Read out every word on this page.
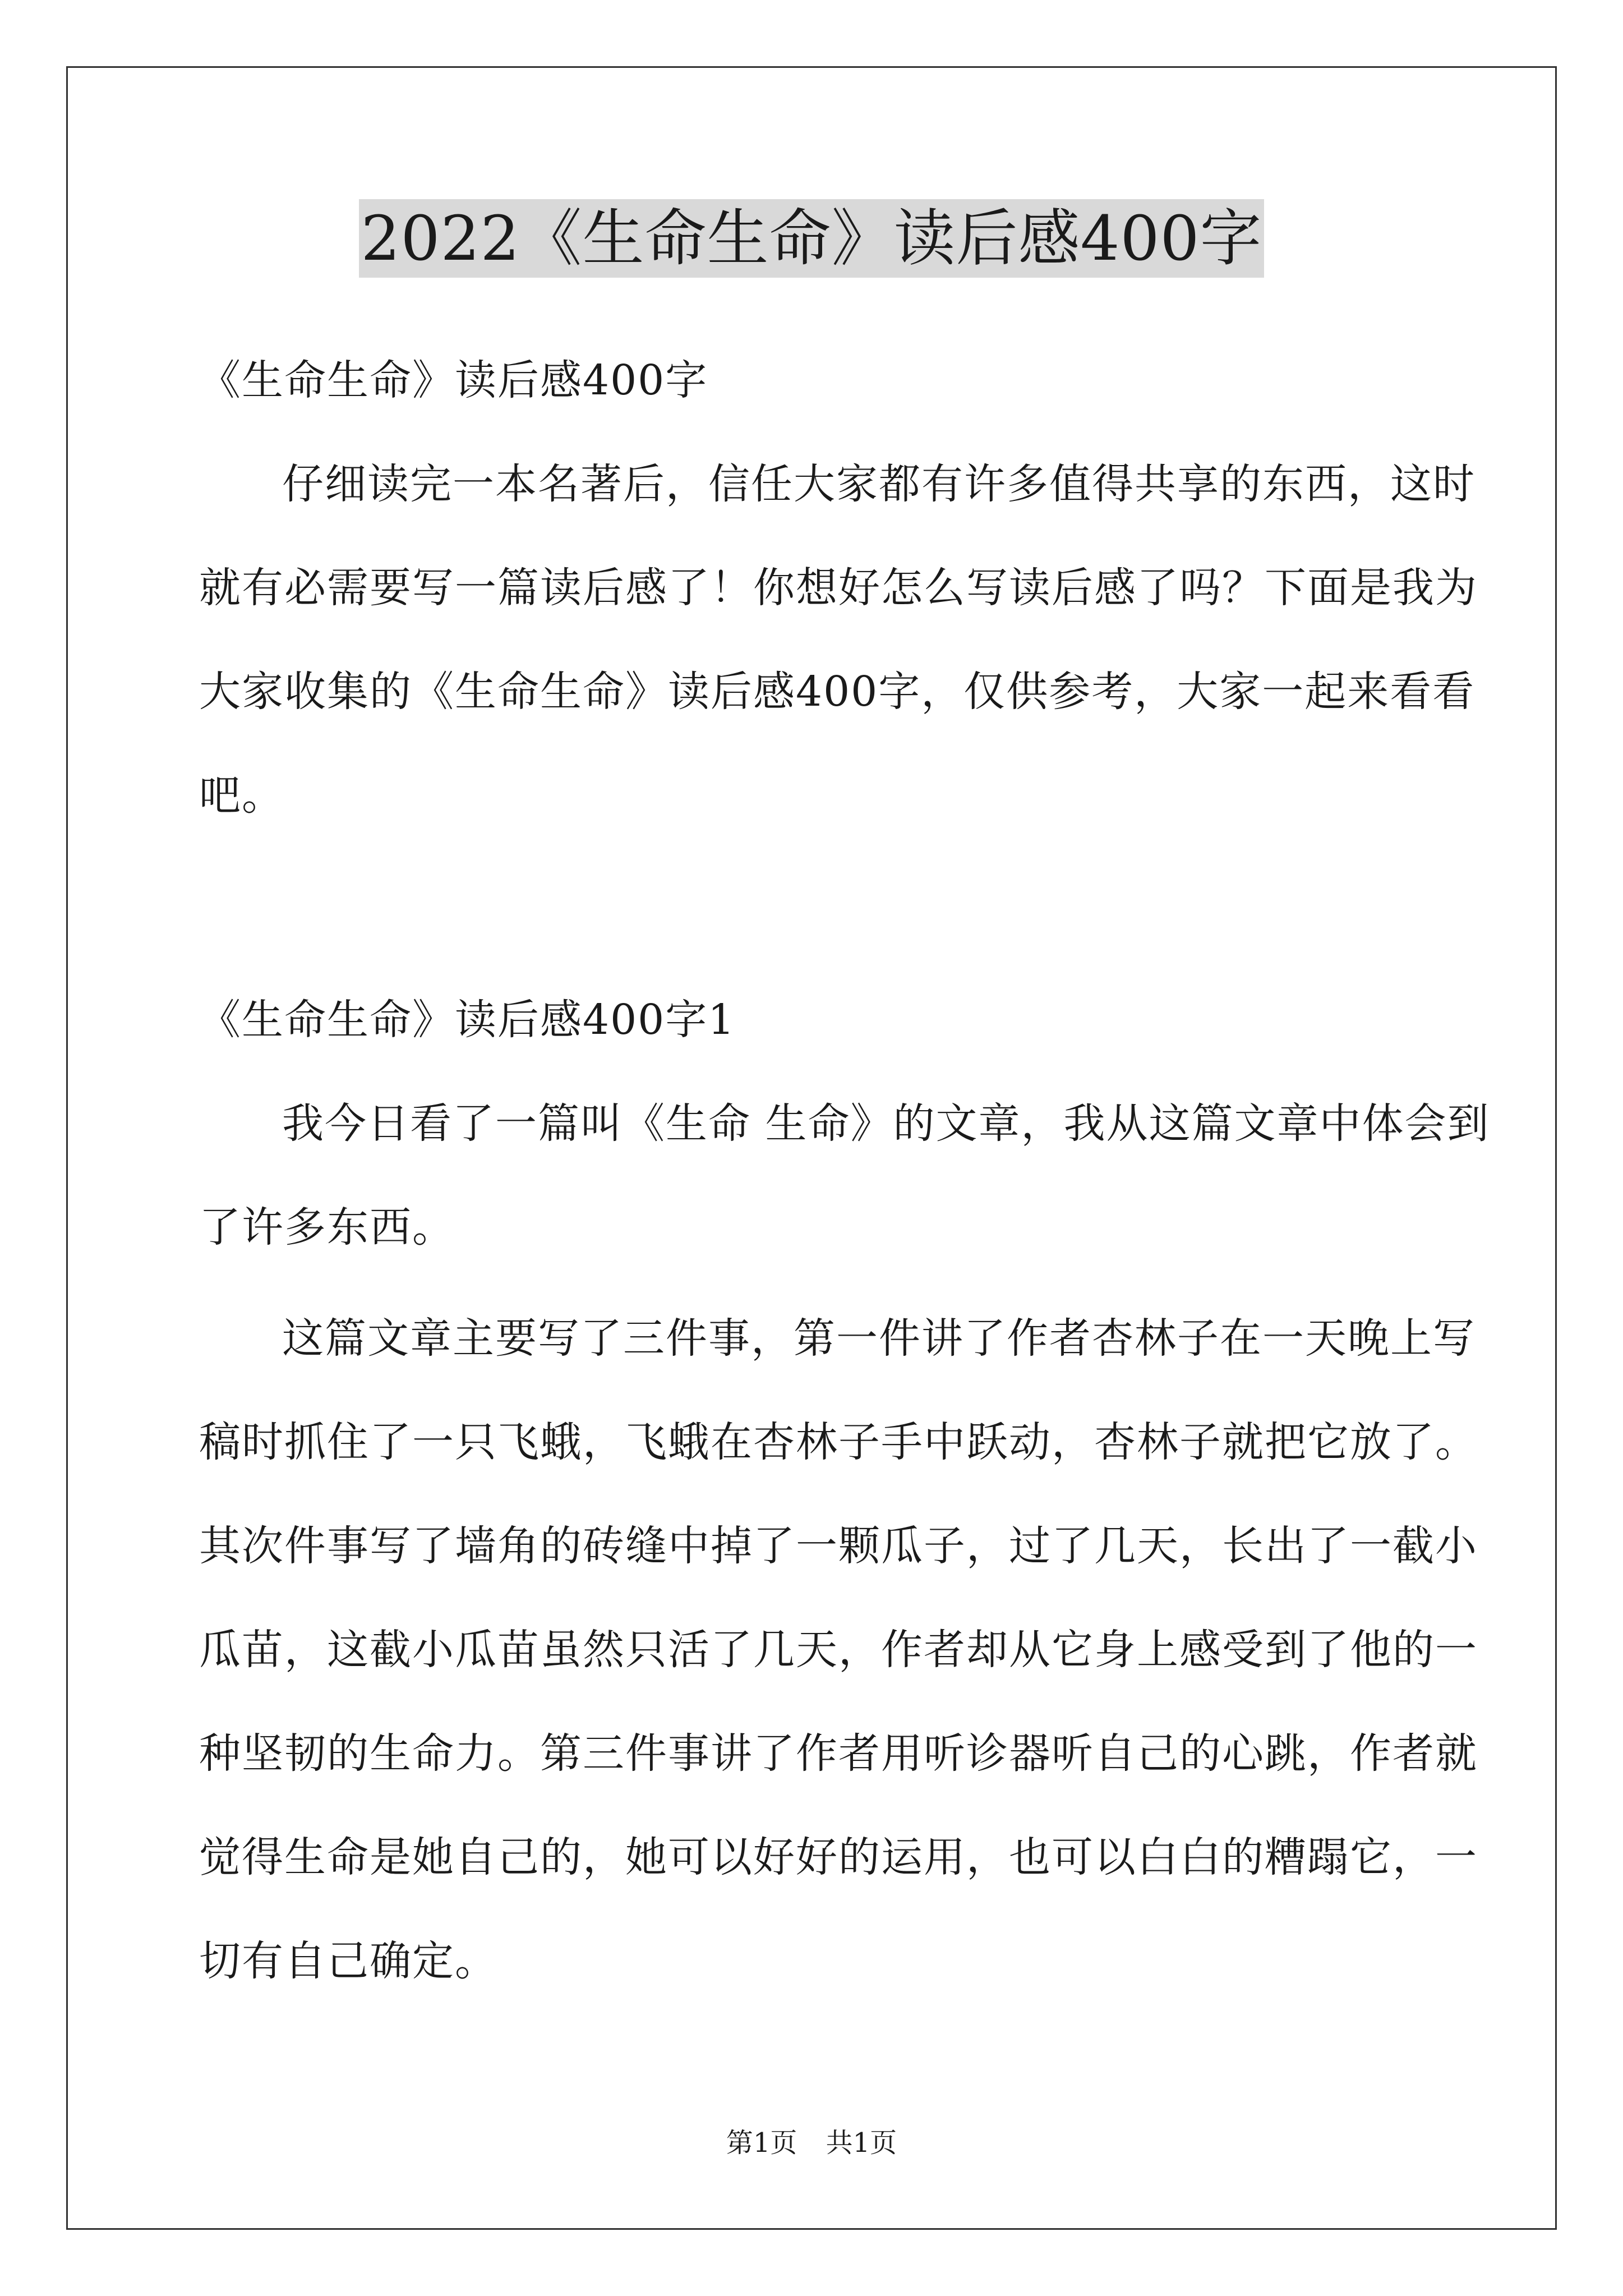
2022《生命生命》读后感400字
《生命生命》读后感400字
仔细读完一本名著后，信任大家都有许多值得共享的东西，这时
就有必需要写一篇读后感了！你想好怎么写读后感了吗？下面是我为
大家收集的《生命生命》读后感400字，仅供参考，大家一起来看看
吧。
《生命生命》读后感400字1
我今日看了一篇叫《生命 生命》的文章，我从这篇文章中体会到
了许多东西。
这篇文章主要写了三件事，第一件讲了作者杏林子在一天晚上写
稿时抓住了一只飞蛾，飞蛾在杏林子手中跃动，杏林子就把它放了。
其次件事写了墙角的砖缝中掉了一颗瓜子，过了几天，长出了一截小
瓜苗，这截小瓜苗虽然只活了几天，作者却从它身上感受到了他的一
种坚韧的生命力。第三件事讲了作者用听诊器听自己的心跳，作者就
觉得生命是她自己的，她可以好好的运用，也可以白白的糟蹋它，一
切有自己确定。
第1页 共1页
